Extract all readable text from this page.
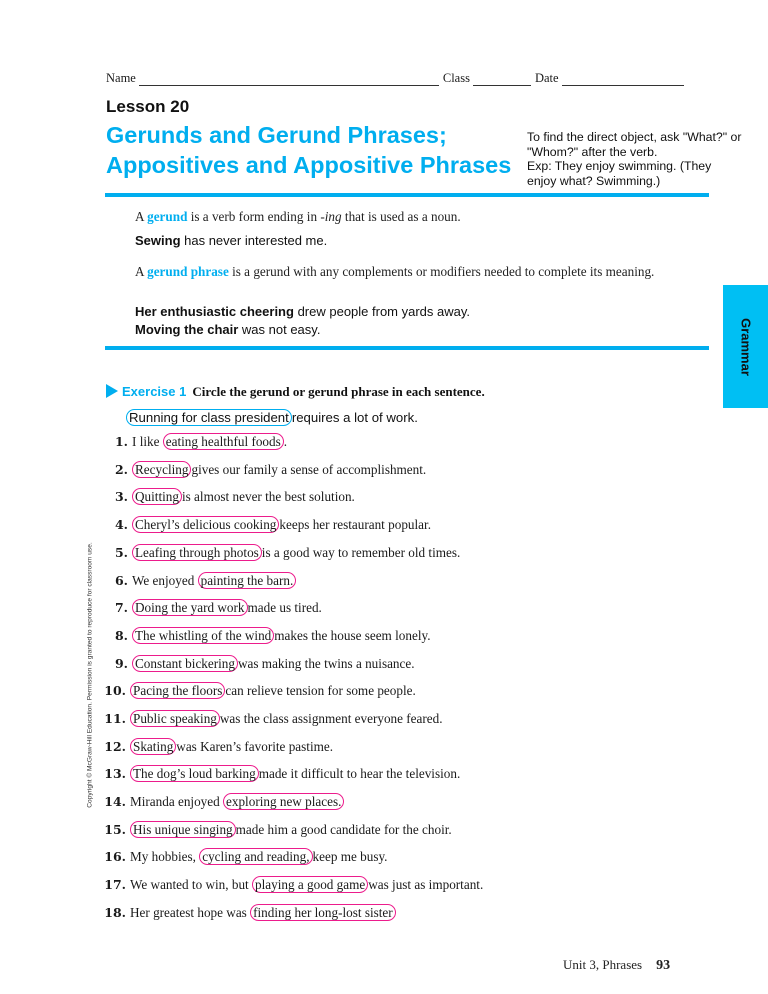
Name	Class	Date
Lesson 20
Gerunds and Gerund Phrases;
Appositives and Appositive Phrases
To find the direct object, ask "What?" or
"Whom?" after the verb.
Exp: They enjoy swimming. (They
enjoy what? Swimming.)
A gerund is a verb form ending in -ing that is used as a noun.
Sewing has never interested me.
A gerund phrase is a gerund with any complements or modifiers needed to complete its meaning.
Her enthusiastic cheering drew people from yards away.
Moving the chair was not easy.	Grammar
Copyright © McGraw-Hill Education. Permission is granted to reproduce for classroom use.
Exercise 1 Circle the gerund or gerund phrase in each sentence.
Running for class president requires a lot of work.
1. I like eating healthful foods .
2. Recycling gives our family a sense of accomplishment.
3. Quitting is almost never the best solution.
4. Cheryl’s delicious cooking keeps her restaurant popular.
5. Leafing through photos is a good way to remember old times.
6. We enjoyed painting the barn.
7. Doing the yard work made us tired.
8. The whistling of the wind makes the house seem lonely.
9. Constant bickering was making the twins a nuisance.
10. Pacing the floors can relieve tension for some people.
11. Public speaking was the class assignment everyone feared.
12. Skating was Karen’s favorite pastime.
13. The dog’s loud barking made it difficult to hear the television.
14. Miranda enjoyed exploring new places.
15. His unique singing made him a good candidate for the choir.
16. My hobbies, cycling and reading, keep me busy.
17. We wanted to win, but playing a good game was just as important.
18. Her greatest hope was finding her long-lost sister
Unit 3, Phrases 93
